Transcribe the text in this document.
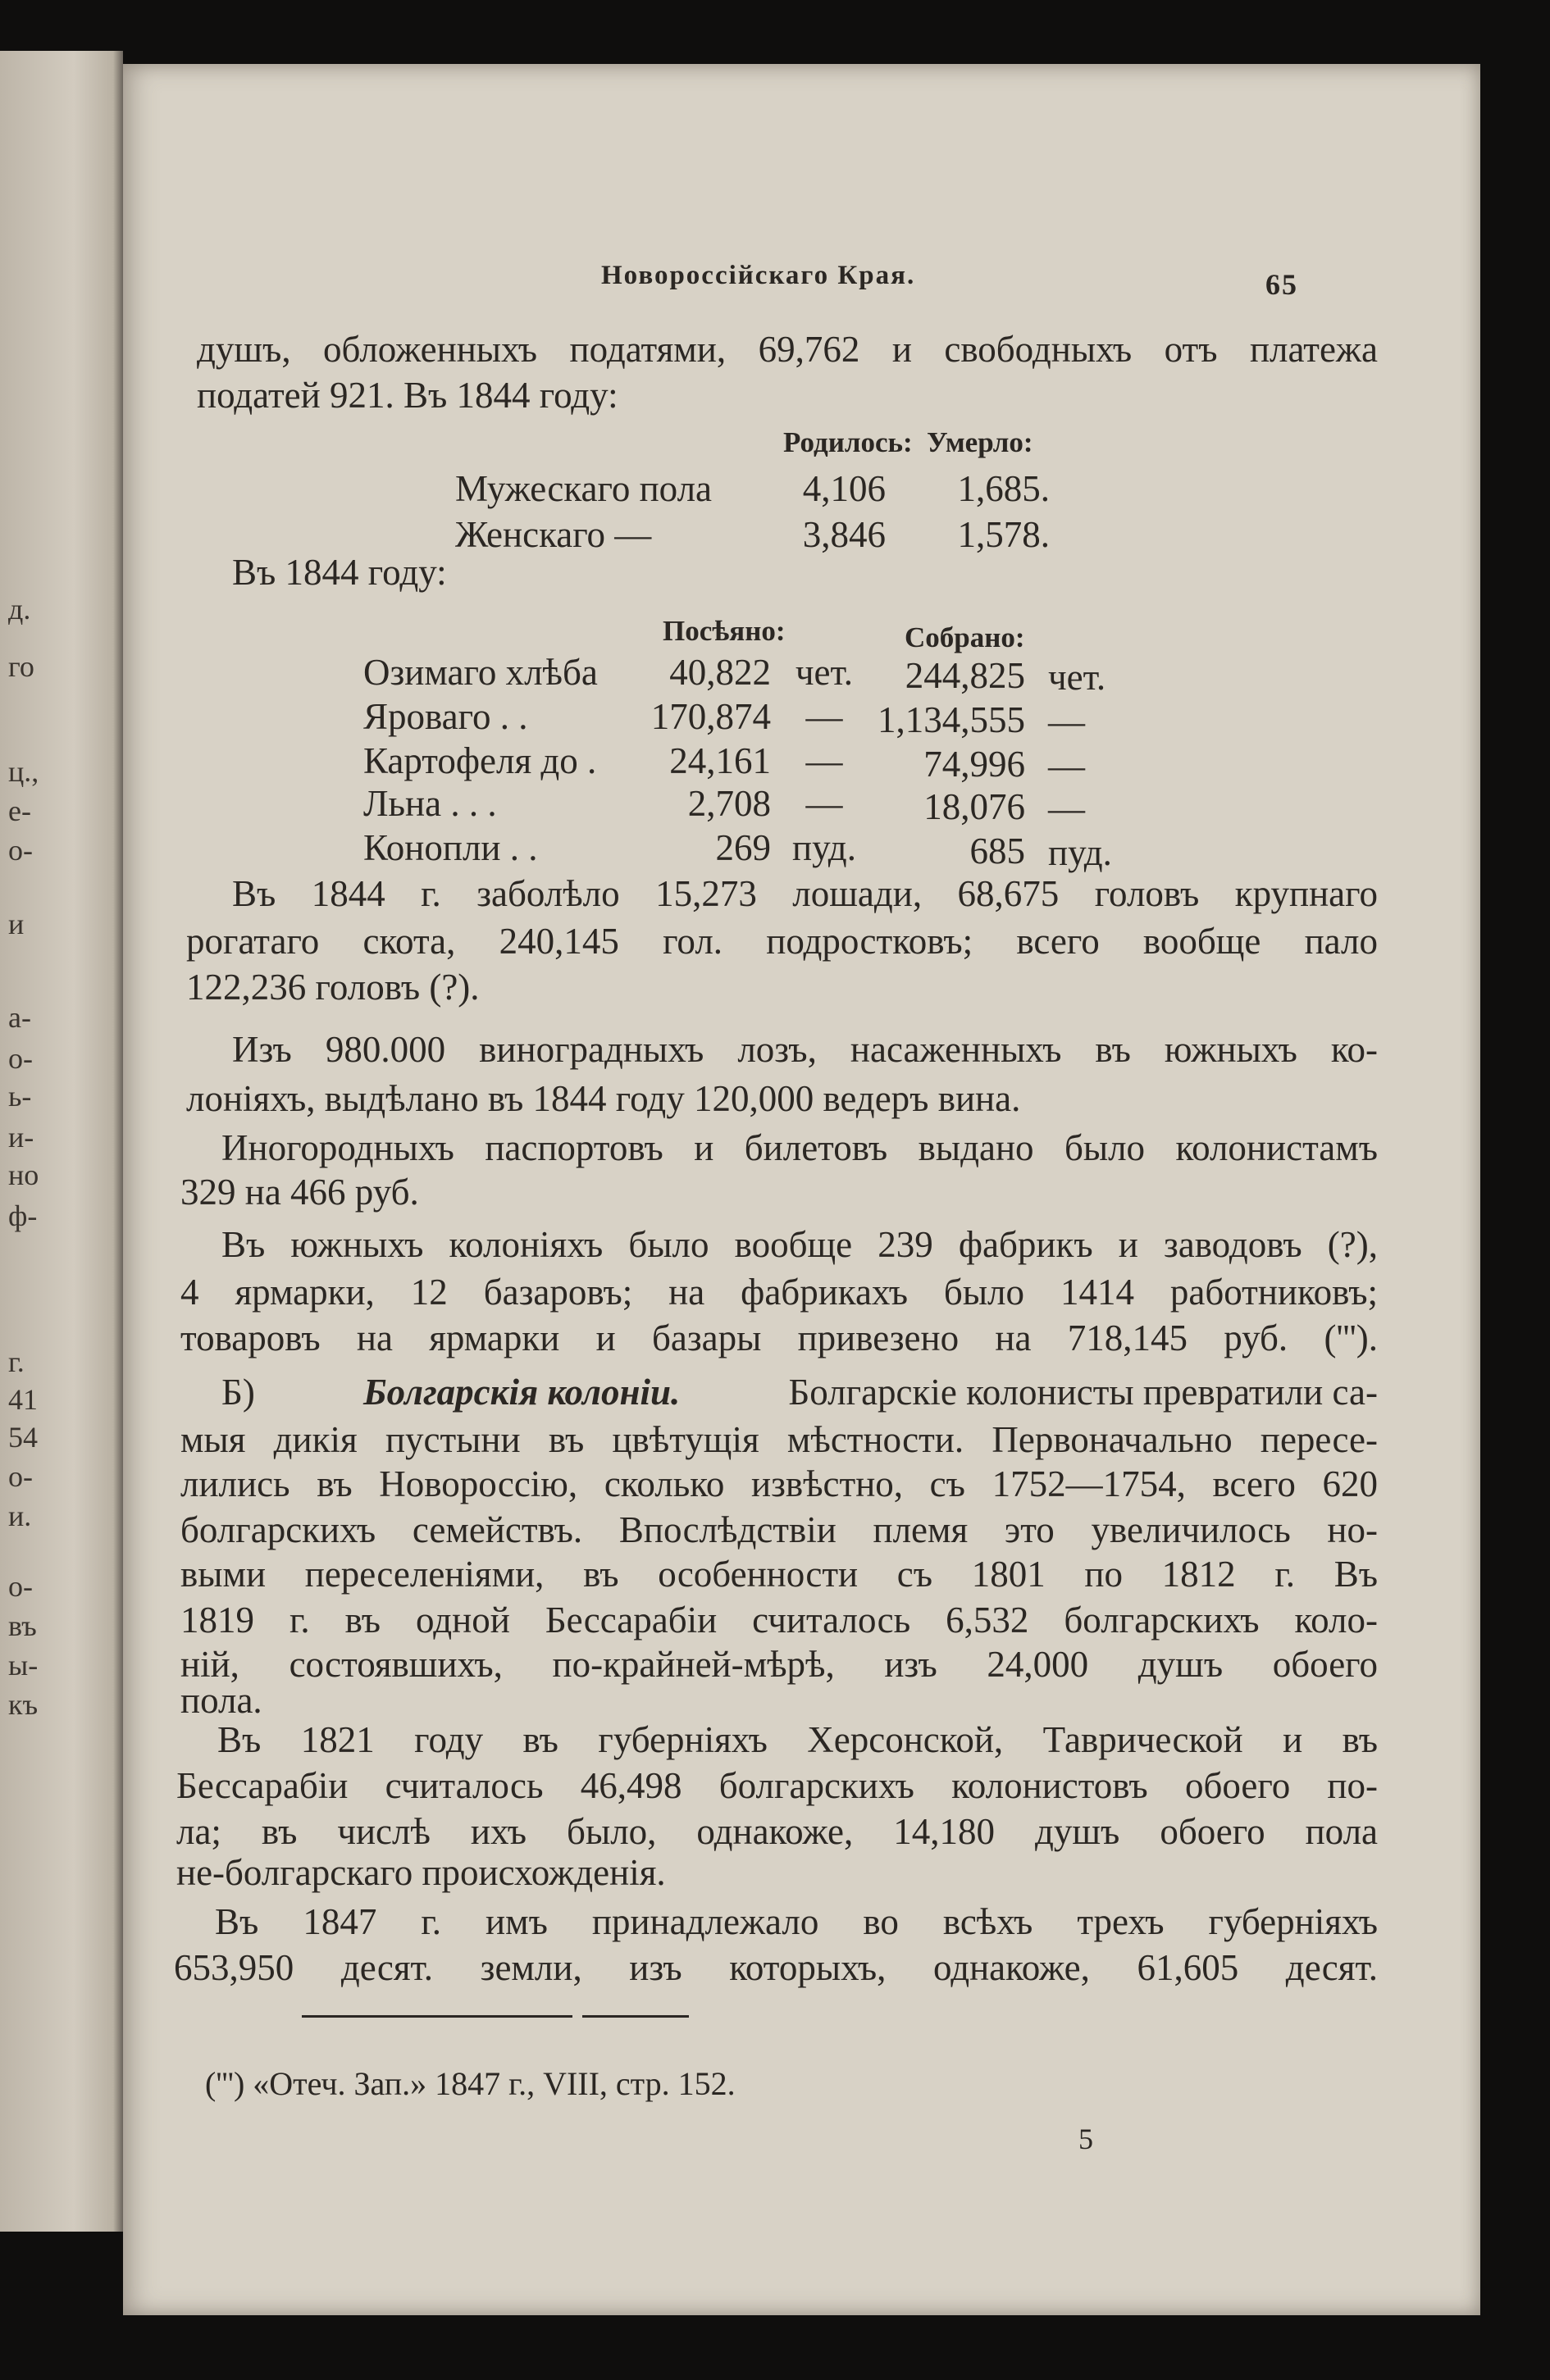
д.
го
ц.,
е-
о-
и
а-
о-
ь-
и-
но
ф-
г.
41
54
о-
и.
о-
въ
ы-
къ
Новороссійскаго Края.	65
душъ, обложенныхъ податями, 69,762 и свободныхъ отъ платежа
податей 921. Въ 1844 году:
Родилось: Умерло:
Мужескаго пола	4,106	1,685.
Женскаго —	3,846	1,578.
Въ 1844 году:
Посѣяно:	Собрано:
Озимаго хлѣба	40,822 чет.	244,825 чет.
Яроваго . .	170,874 — 1,134,555 —
Картофеля до .	24,161 —	74,996 —
Льна . . .	2,708 —	18,076 —
Конопли . .	269 пуд.	685 пуд.
Въ 1844 г. заболѣло 15,273 лошади, 68,675 головъ крупнаго
рогатаго скота, 240,145 гол. подростковъ; всего вообще пало
122,236 головъ (?).
Изъ 980.000 виноградныхъ лозъ, насаженныхъ въ южныхъ ко-
лоніяхъ, выдѣлано въ 1844 году 120,000 ведеръ вина.
Иногородныхъ паспортовъ и билетовъ выдано было колонистамъ
329 на 466 руб.
Въ южныхъ колоніяхъ было вообще 239 фабрикъ и заводовъ (?),
4 ярмарки, 12 базаровъ; на фабрикахъ было 1414 работниковъ;
товаровъ на ярмарки и базары привезено на 718,145 руб. (''').
Б)	Болгарскія колоніи.	Болгарскіе колонисты превратили са-
мыя дикія пустыни въ цвѣтущія мѣстности. Первоначально пересе-
лились въ Новороссію, сколько извѣстно, съ 1752—1754, всего 620
болгарскихъ семействъ. Впослѣдствіи племя это увеличилось но-
выми переселеніями, въ особенности съ 1801 по 1812 г. Въ
1819 г. въ одной Бессарабіи считалось 6,532 болгарскихъ коло-
ній, состоявшихъ, по-крайней-мѣрѣ, изъ 24,000 душъ обоего
пола.
Въ 1821 году въ губерніяхъ Херсонской, Таврической и въ
Бессарабіи считалось 46,498 болгарскихъ колонистовъ обоего по-
ла; въ числѣ ихъ было, однакоже, 14,180 душъ обоего пола
не-болгарскаго происхожденія.
Въ 1847 г. имъ принадлежало во всѣхъ трехъ губерніяхъ
653,950 десят. земли, изъ которыхъ, однакоже, 61,605 десят.
(''') «Отеч. Зап.» 1847 г., VIII, стр. 152.
5
